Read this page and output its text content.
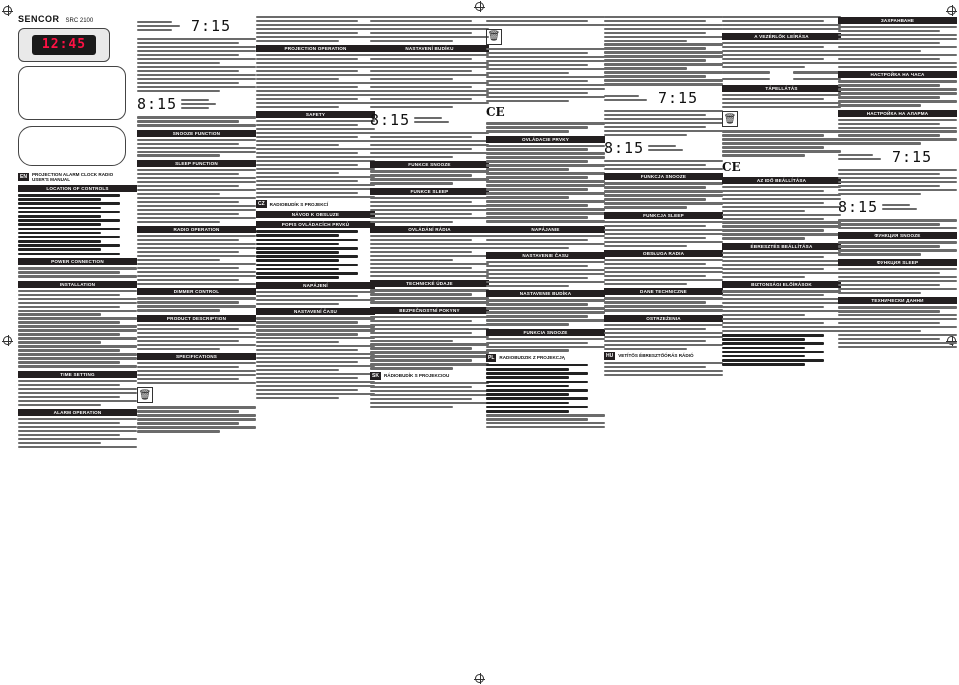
SENCOR SRC 2100
12:45
EN	PROJECTION ALARM CLOCK RADIO
USER'S MANUAL
LOCATION OF CONTROLS
POWER CONNECTION
INSTALLATION
TIME SETTING
ALARM OPERATION
7:15
8:15
SNOOZE FUNCTION
SLEEP FUNCTION
RADIO OPERATION
DIMMER CONTROL
PRODUCT DESCRIPTION
SPECIFICATIONS
🗑
PROJECTION OPERATION
SAFETY
CZ	RADIOBUDÍK S PROJEKCÍ
NÁVOD K OBSLUZE
POPIS OVLÁDACÍCH PRVKŮ
NAPÁJENÍ
NASTAVENÍ ČASU
NASTAVENÍ BUDÍKU
8:15
FUNKCE SNOOZE
FUNKCE SLEEP
OVLÁDÁNÍ RÁDIA
TECHNICKÉ ÚDAJE
BEZPEČNOSTNÍ POKYNY
SK	RÁDIOBUDÍK S PROJEKCIOU
🗑
CE
OVLÁDACIE PRVKY
NAPÁJANIE
NASTAVENIE ČASU
NASTAVENIE BUDÍKA
FUNKCIA SNOOZE
PL	RADIOBUDZIK Z PROJEKCJĄ
7:15
8:15
FUNKCJA SNOOZE
FUNKCJA SLEEP
OBSŁUGA RADIA
DANE TECHNICZNE
OSTRZEŻENIA
HU	VETÍTŐS ÉBRESZTŐÓRÁS RÁDIÓ
A VEZÉRLŐK LEÍRÁSA
TÁPELLÁTÁS
🗑
CE
AZ IDŐ BEÁLLÍTÁSA
ÉBRESZTÉS BEÁLLÍTÁSA
BIZTONSÁGI ELŐÍRÁSOK
ЗАХРАНВАНЕ
НАСТРОЙКА НА ЧАСА
НАСТРОЙКА НА АЛАРМА
7:15
8:15
ФУНКЦИЯ SNOOZE
ФУНКЦИЯ SLEEP
ТЕХНИЧЕСКИ ДАННИ
